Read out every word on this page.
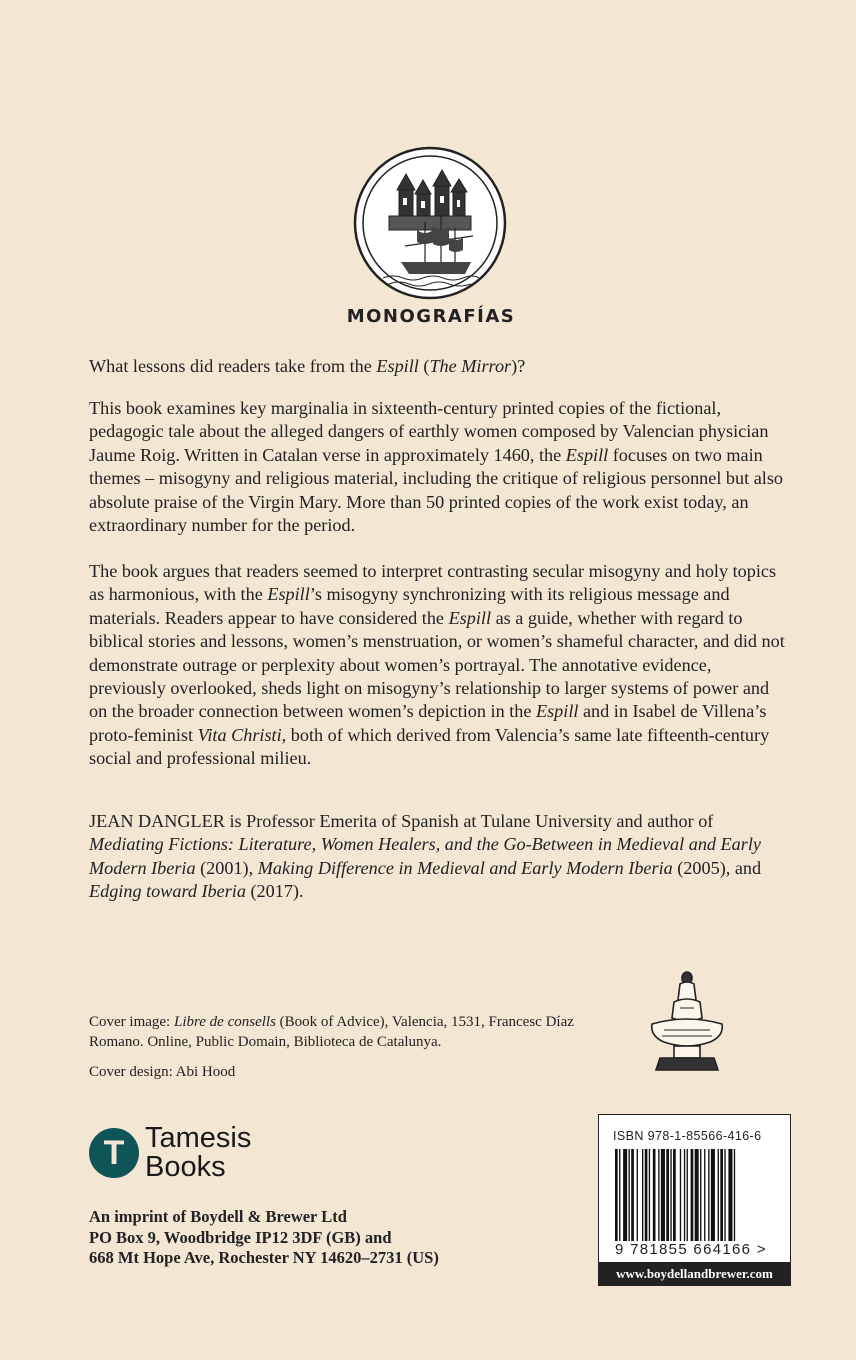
MONOGRAFÍAS

What lessons did readers take from the Espill (The Mirror)?

This book examines key marginalia in sixteenth-century printed copies of the fictional, pedagogic tale about the alleged dangers of earthly women composed by Valencian physician Jaume Roig. Written in Catalan verse in approximately 1460, the Espill focuses on two main themes – misogyny and religious material, including the critique of religious personnel but also absolute praise of the Virgin Mary. More than 50 printed copies of the work exist today, an extraordinary number for the period.

The book argues that readers seemed to interpret contrasting secular misogyny and holy topics as harmonious, with the Espill’s misogyny synchronizing with its religious message and materials. Readers appear to have considered the Espill as a guide, whether with regard to biblical stories and lessons, women’s menstruation, or women’s shameful character, and did not demonstrate outrage or perplexity about women’s portrayal. The annotative evidence, previously overlooked, sheds light on misogyny’s relationship to larger systems of power and on the broader connection between women’s depiction in the Espill and in Isabel de Villena’s proto-feminist Vita Christi, both of which derived from Valencia’s same late fifteenth-century social and professional milieu.

JEAN DANGLER is Professor Emerita of Spanish at Tulane University and author of Mediating Fictions: Literature, Women Healers, and the Go-Between in Medieval and Early Modern Iberia (2001), Making Difference in Medieval and Early Modern Iberia (2005), and Edging toward Iberia (2017).

Cover image: Libre de consells (Book of Advice), Valencia, 1531, Francesc Díaz Romano. Online, Public Domain, Biblioteca de Catalunya.

Cover design: Abi Hood

T Tamesis
Books

An imprint of Boydell & Brewer Ltd

PO Box 9, Woodbridge IP12 3DF (GB) and

668 Mt Hope Ave, Rochester NY 14620–2731 (US)

ISBN 978-1-85566-416-6
9 781855 664166 >
www.boydellandbrewer.com
